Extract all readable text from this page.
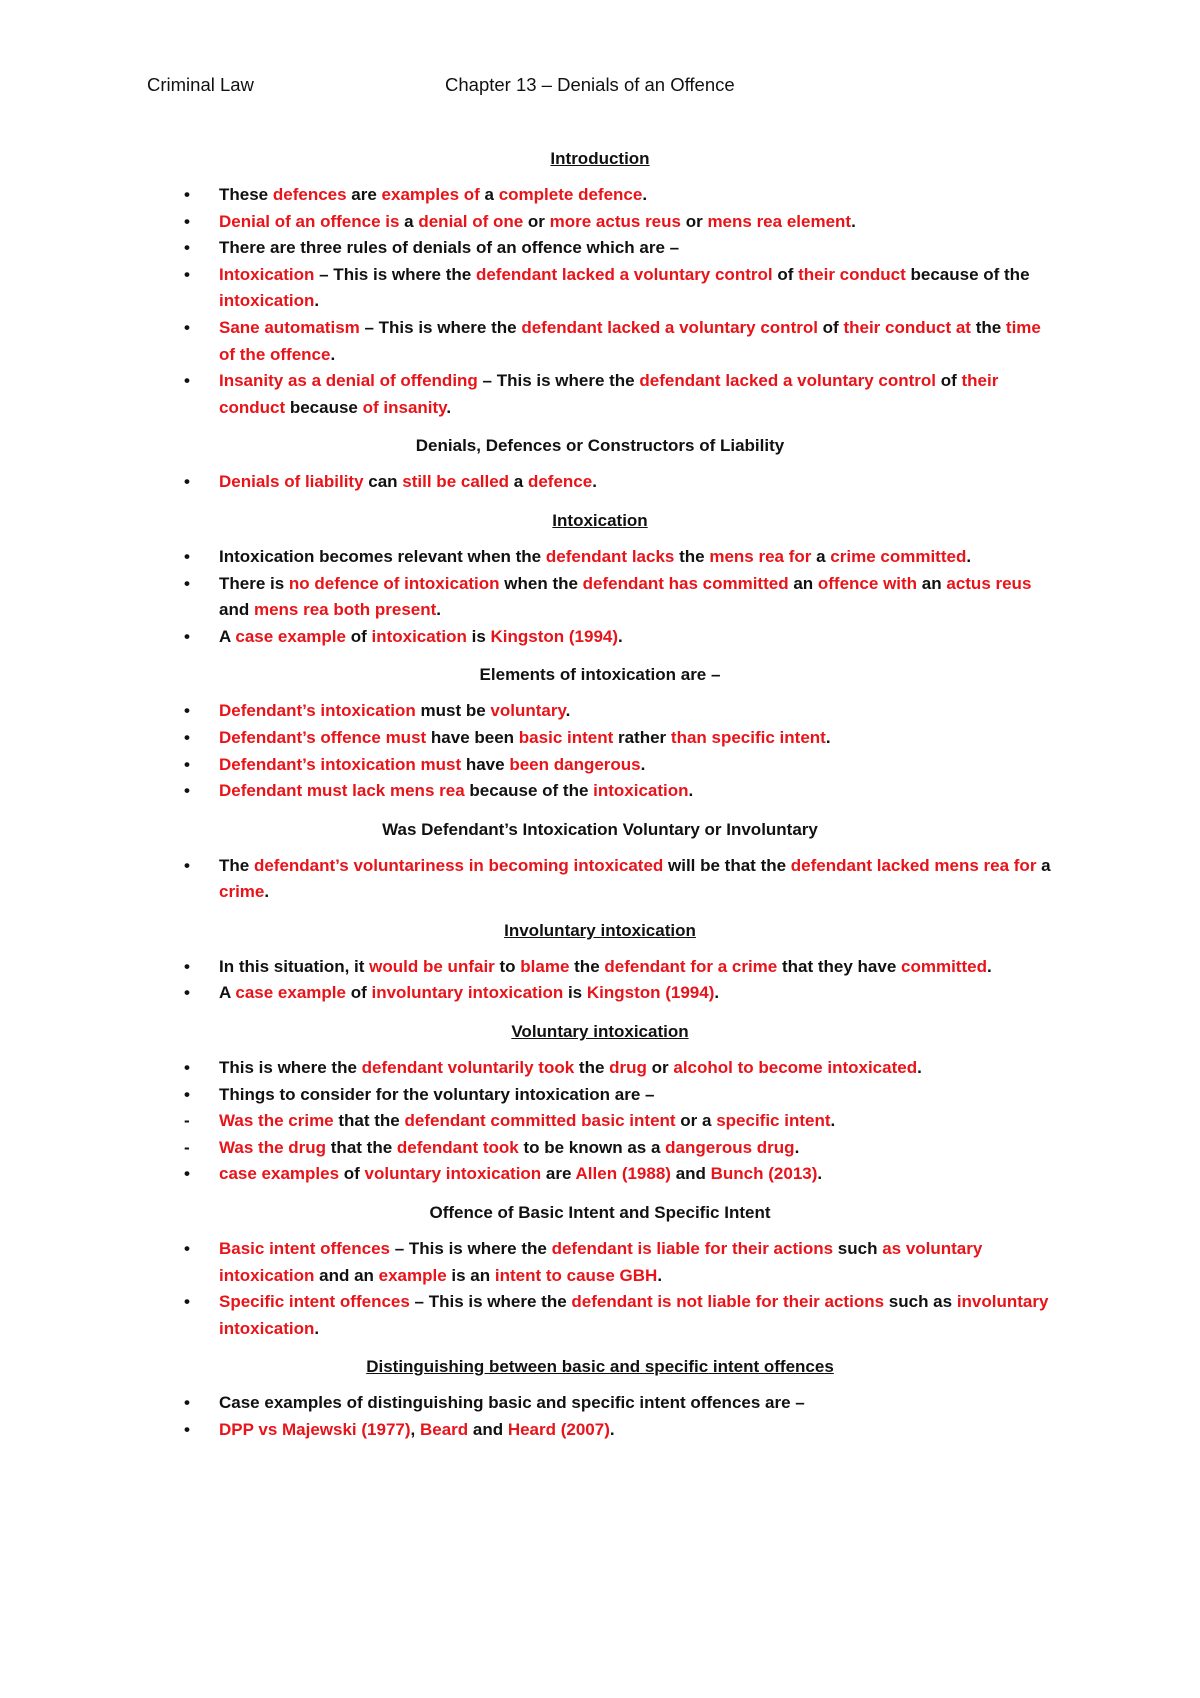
Criminal Law	Chapter 13 – Denials of an Offence
Introduction
•	These defences are examples of a complete defence.
•	Denial of an offence is a denial of one or more actus reus or mens rea element.
•	There are three rules of denials of an offence which are –
•	Intoxication – This is where the defendant lacked a voluntary control of their conduct because of the intoxication.
•	Sane automatism – This is where the defendant lacked a voluntary control of their conduct at the time of the offence.
•	Insanity as a denial of offending – This is where the defendant lacked a voluntary control of their conduct because of insanity.
Denials, Defences or Constructors of Liability
•	Denials of liability can still be called a defence.
Intoxication
•	Intoxication becomes relevant when the defendant lacks the mens rea for a crime committed.
•	There is no defence of intoxication when the defendant has committed an offence with an actus reus and mens rea both present.
•	A case example of intoxication is Kingston (1994).
Elements of intoxication are –
•	Defendant’s intoxication must be voluntary.
•	Defendant’s offence must have been basic intent rather than specific intent.
•	Defendant’s intoxication must have been dangerous.
•	Defendant must lack mens rea because of the intoxication.
Was Defendant’s Intoxication Voluntary or Involuntary
•	The defendant’s voluntariness in becoming intoxicated will be that the defendant lacked mens rea for a crime.
Involuntary intoxication
•	In this situation, it would be unfair to blame the defendant for a crime that they have committed.
•	A case example of involuntary intoxication is Kingston (1994).
Voluntary intoxication
•	This is where the defendant voluntarily took the drug or alcohol to become intoxicated.
•	Things to consider for the voluntary intoxication are –
-	Was the crime that the defendant committed basic intent or a specific intent.
-	Was the drug that the defendant took to be known as a dangerous drug.
•	case examples of voluntary intoxication are Allen (1988) and Bunch (2013).
Offence of Basic Intent and Specific Intent
•	Basic intent offences – This is where the defendant is liable for their actions such as voluntary intoxication and an example is an intent to cause GBH.
•	Specific intent offences – This is where the defendant is not liable for their actions such as involuntary intoxication.
Distinguishing between basic and specific intent offences
•	Case examples of distinguishing basic and specific intent offences are –
•	DPP vs Majewski (1977), Beard and Heard (2007).
